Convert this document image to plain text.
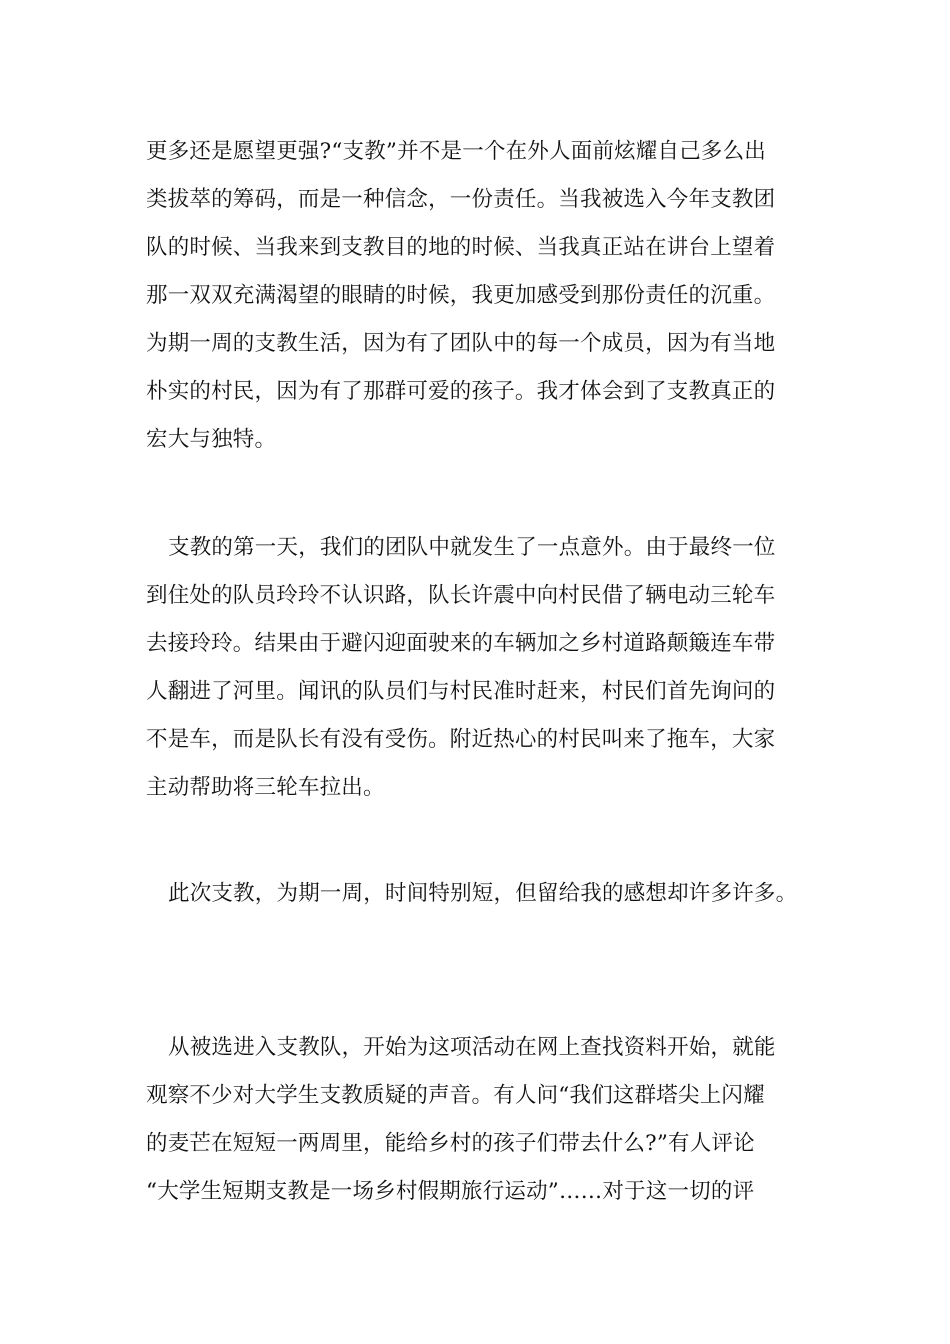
更多还是愿望更强?“支教”并不是一个在外人面前炫耀自己多么出
类拔萃的筹码，而是一种信念，一份责任。当我被选入今年支教团
队的时候、当我来到支教目的地的时候、当我真正站在讲台上望着
那一双双充满渴望的眼睛的时候，我更加感受到那份责任的沉重。
为期一周的支教生活，因为有了团队中的每一个成员，因为有当地
朴实的村民，因为有了那群可爱的孩子。我才体会到了支教真正的
宏大与独特。
支教的第一天，我们的团队中就发生了一点意外。由于最终一位
到住处的队员玲玲不认识路，队长许震中向村民借了辆电动三轮车
去接玲玲。结果由于避闪迎面驶来的车辆加之乡村道路颠簸连车带
人翻进了河里。闻讯的队员们与村民准时赶来，村民们首先询问的
不是车，而是队长有没有受伤。附近热心的村民叫来了拖车，大家
主动帮助将三轮车拉出。
此次支教，为期一周，时间特别短，但留给我的感想却许多许多。
从被选进入支教队，开始为这项活动在网上查找资料开始，就能
观察不少对大学生支教质疑的声音。有人问“我们这群塔尖上闪耀
的麦芒在短短一两周里，能给乡村的孩子们带去什么?”有人评论
“大学生短期支教是一场乡村假期旅行运动”……对于这一切的评
